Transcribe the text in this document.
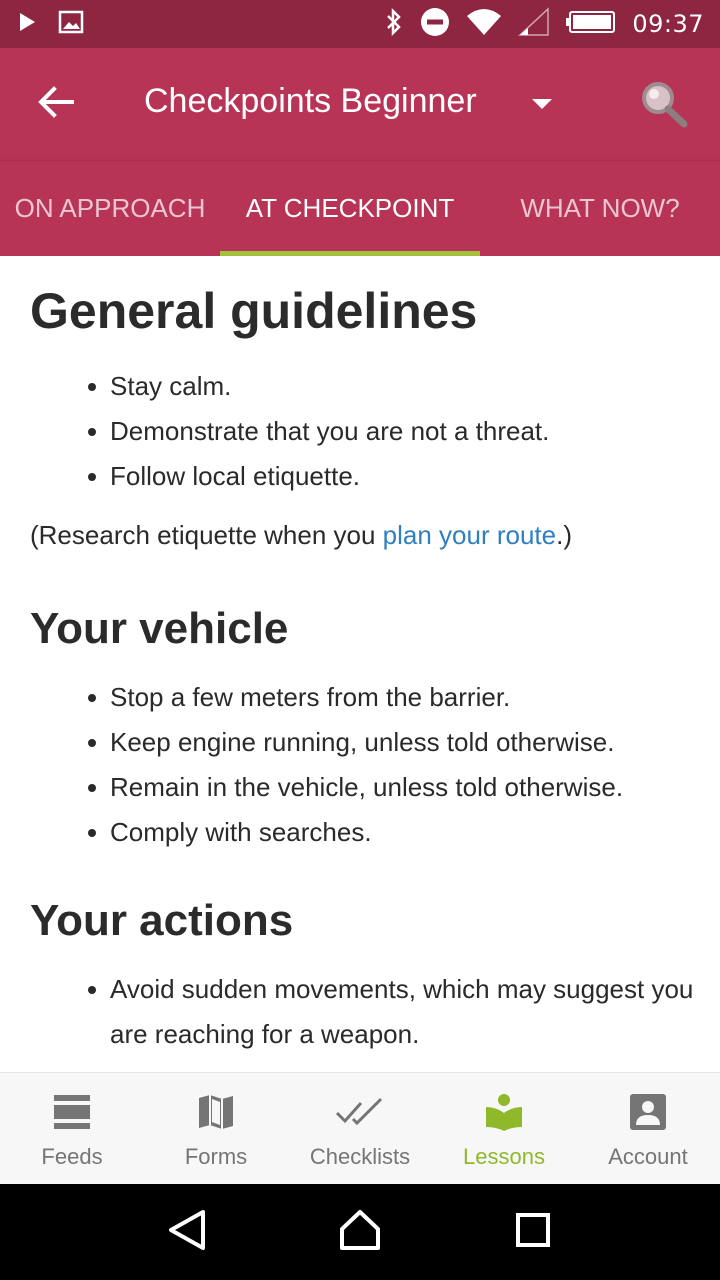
09:37
Checkpoints Beginner
ON APPROACH	AT CHECKPOINT	WHAT NOW?
General guidelines
Stay calm.
Demonstrate that you are not a threat.
Follow local etiquette.

(Research etiquette when you plan your route.)

Your vehicle
Stop a few meters from the barrier.
Keep engine running, unless told otherwise.
Remain in the vehicle, unless told otherwise.
Comply with searches.
Your actions
Avoid sudden movements, which may suggest you are reaching for a weapon.
Feeds	Forms	Checklists Lessons	Account
